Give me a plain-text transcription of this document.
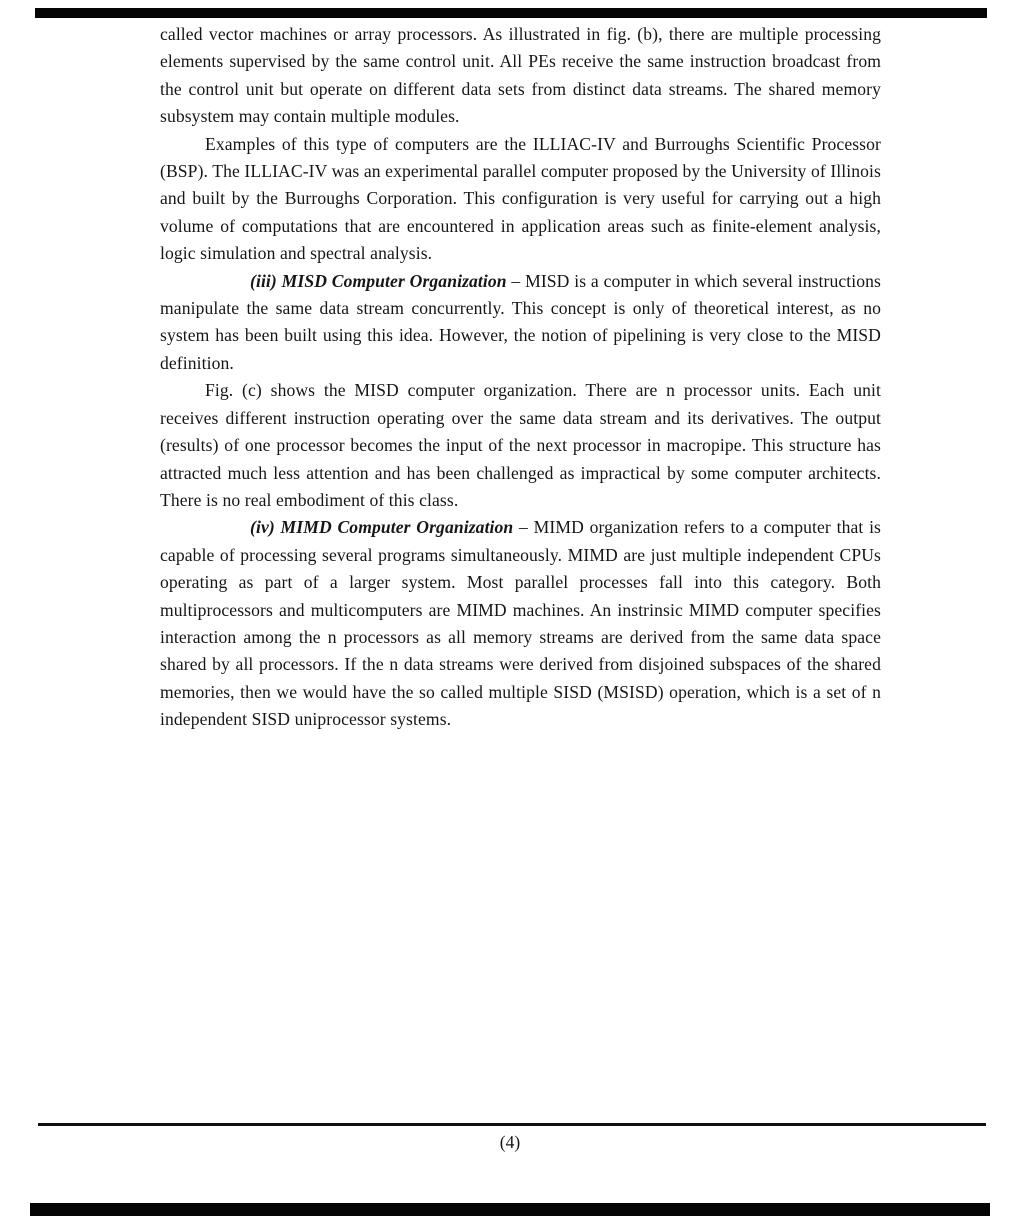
called vector machines or array processors. As illustrated in fig. (b), there are multiple processing elements supervised by the same control unit. All PEs receive the same instruction broadcast from the control unit but operate on different data sets from distinct data streams. The shared memory subsystem may contain multiple modules.

Examples of this type of computers are the ILLIAC-IV and Burroughs Scientific Processor (BSP). The ILLIAC-IV was an experimental parallel computer proposed by the University of Illinois and built by the Burroughs Corporation. This configuration is very useful for carrying out a high volume of computations that are encountered in application areas such as finite-element analysis, logic simulation and spectral analysis.

(iii) MISD Computer Organization – MISD is a computer in which several instructions manipulate the same data stream concurrently. This concept is only of theoretical interest, as no system has been built using this idea. However, the notion of pipelining is very close to the MISD definition.

Fig. (c) shows the MISD computer organization. There are n processor units. Each unit receives different instruction operating over the same data stream and its derivatives. The output (results) of one processor becomes the input of the next processor in macropipe. This structure has attracted much less attention and has been challenged as impractical by some computer architects. There is no real embodiment of this class.

(iv) MIMD Computer Organization – MIMD organization refers to a computer that is capable of processing several programs simultaneously. MIMD are just multiple independent CPUs operating as part of a larger system. Most parallel processes fall into this category. Both multiprocessors and multicomputers are MIMD machines. An instrinsic MIMD computer specifies interaction among the n processors as all memory streams are derived from the same data space shared by all processors. If the n data streams were derived from disjoined subspaces of the shared memories, then we would have the so called multiple SISD (MSISD) operation, which is a set of n independent SISD uniprocessor systems.

(4)
